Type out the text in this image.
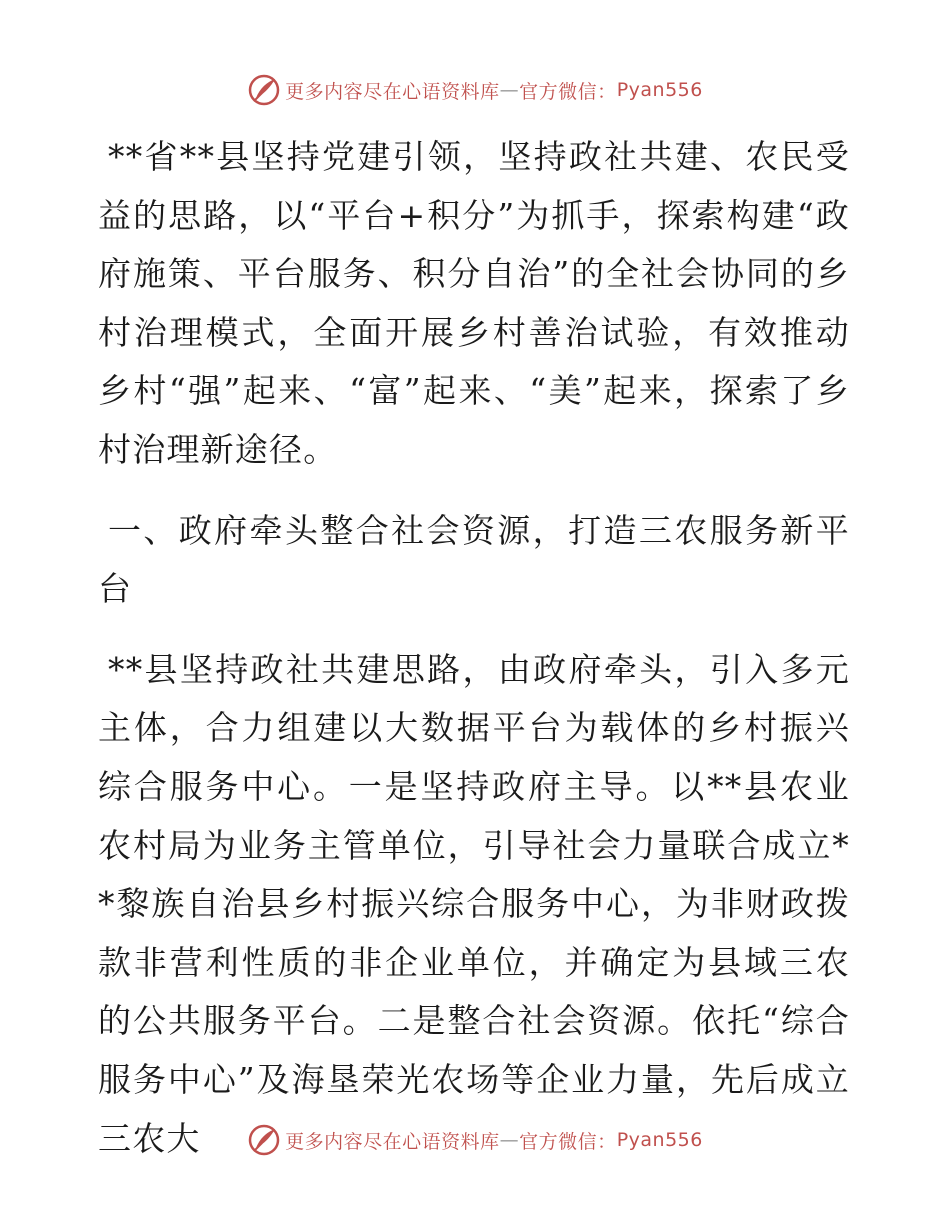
更多内容尽在心语资料库 — 官方微信： Pyan556

**省**县坚持党建引领，坚持政社共建、农民受益的思路，以“平台+积分”为抓手，探索构建“政府施策、平台服务、积分自治”的全社会协同的乡村治理模式，全面开展乡村善治试验，有效推动乡村“强”起来、“富”起来、“美”起来，探索了乡村治理新途径。

一、政府牵头整合社会资源，打造三农服务新平台

**县坚持政社共建思路，由政府牵头，引入多元主体，合力组建以大数据平台为载体的乡村振兴综合服务中心。一是坚持政府主导。以**县农业农村局为业务主管单位，引导社会力量联合成立**黎族自治县乡村振兴综合服务中心，为非财政拨款非营利性质的非企业单位，并确定为县域三农的公共服务平台。二是整合社会资源。依托“综合服务中心”及海垦荣光农场等企业力量，先后成立三农大	更多内容尽在心语资料库 — 官方微信： Pyan556
